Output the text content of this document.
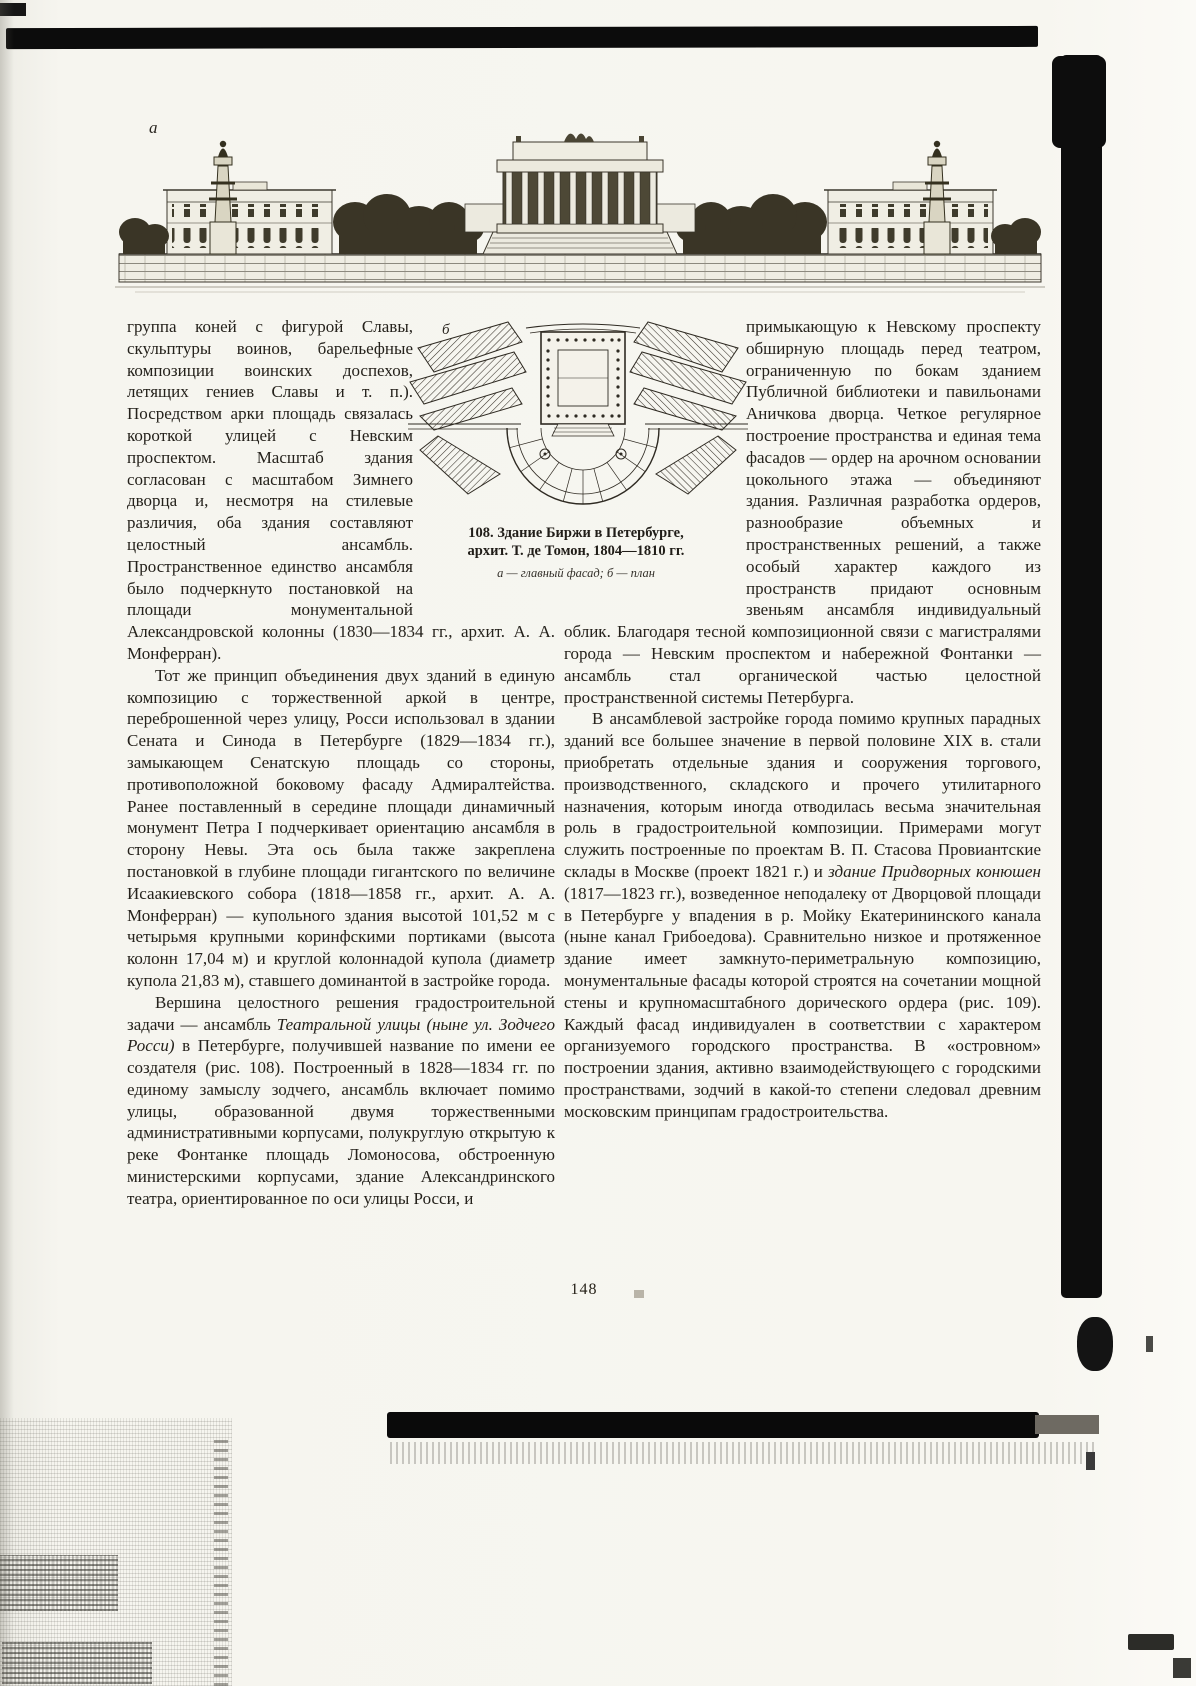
а
б
108. Здание Биржи в Петербурге,
архит. Т. де Томон, 1804—1810 гг.
а — главный фасад; б — план

группа коней с фигурой Славы, скульптуры воинов, барельефные композиции воинских доспехов, летящих гениев Славы и т. п.). Посредством арки площадь связалась короткой улицей с Невским проспектом. Масштаб здания согласован с масштабом Зимнего дворца и, несмотря на стилевые различия, оба здания составляют целостный ансамбль. Пространственное единство ансамбля было подчеркнуто постановкой на площади монументальной Александровской колонны (1830—1834 гг., архит. А. А. Монферран).

Тот же принцип объединения двух зданий в единую композицию с торжественной аркой в центре, переброшенной через улицу, Росси использовал в здании Сената и Синода в Петербурге (1829—1834 гг.), замыкающем Сенатскую площадь со стороны, противоположной боковому фасаду Адмиралтейства. Ранее поставленный в середине площади динамичный монумент Петра I подчеркивает ориентацию ансамбля в сторону Невы. Эта ось была также закреплена постановкой в глубине площади гигантского по величине Исаакиевского собора (1818—1858 гг., архит. А. А. Монферран) — купольного здания высотой 101,52 м с четырьмя крупными коринфскими портиками (высота колонн 17,04 м) и круглой колоннадой купола (диаметр купола 21,83 м), ставшего доминантой в застройке города.

Вершина целостного решения градостроительной задачи — ансамбль Театральной улицы (ныне ул. Зодчего Росси) в Петербурге, получившей название по имени ее создателя (рис. 108). Построенный в 1828—1834 гг. по единому замыслу зодчего, ансамбль включает помимо улицы, образованной двумя торжественными административными корпусами, полукруглую открытую к реке Фонтанке площадь Ломоносова, обстроенную министерскими корпусами, здание Александринского театра, ориентированное по оси улицы Росси, и

примыкающую к Невскому проспекту обширную площадь перед театром, ограниченную по бокам зданием Публичной библиотеки и павильонами Аничкова дворца. Четкое регулярное построение пространства и единая тема фасадов — ордер на арочном основании цокольного этажа — объединяют здания. Различная разработка ордеров, разнообразие объемных и пространственных решений, а также особый характер каждого из пространств придают основным звеньям ансамбля индивидуальный облик. Благодаря тесной композиционной связи с магистралями города — Невским проспектом и набережной Фонтанки — ансамбль стал органической частью целостной пространственной системы Петербурга.

В ансамблевой застройке города помимо крупных парадных зданий все большее значение в первой половине XIX в. стали приобретать отдельные здания и сооружения торгового, производственного, складского и прочего утилитарного назначения, которым иногда отводилась весьма значительная роль в градостроительной композиции. Примерами могут служить построенные по проектам В. П. Стасова Провиантские склады в Москве (проект 1821 г.) и здание Придворных конюшен (1817—1823 гг.), возведенное неподалеку от Дворцовой площади в Петербурге у впадения в р. Мойку Екатерининского канала (ныне канал Грибоедова). Сравнительно низкое и протяженное здание имеет замкнуто-периметральную композицию, монументальные фасады которой строятся на сочетании мощной стены и крупномасштабного дорического ордера (рис. 109). Каждый фасад индивидуален в соответствии с характером организуемого городского пространства. В «островном» построении здания, активно взаимодействующего с городскими пространствами, зодчий в какой-то степени следовал древним московским принципам градостроительства.

148
